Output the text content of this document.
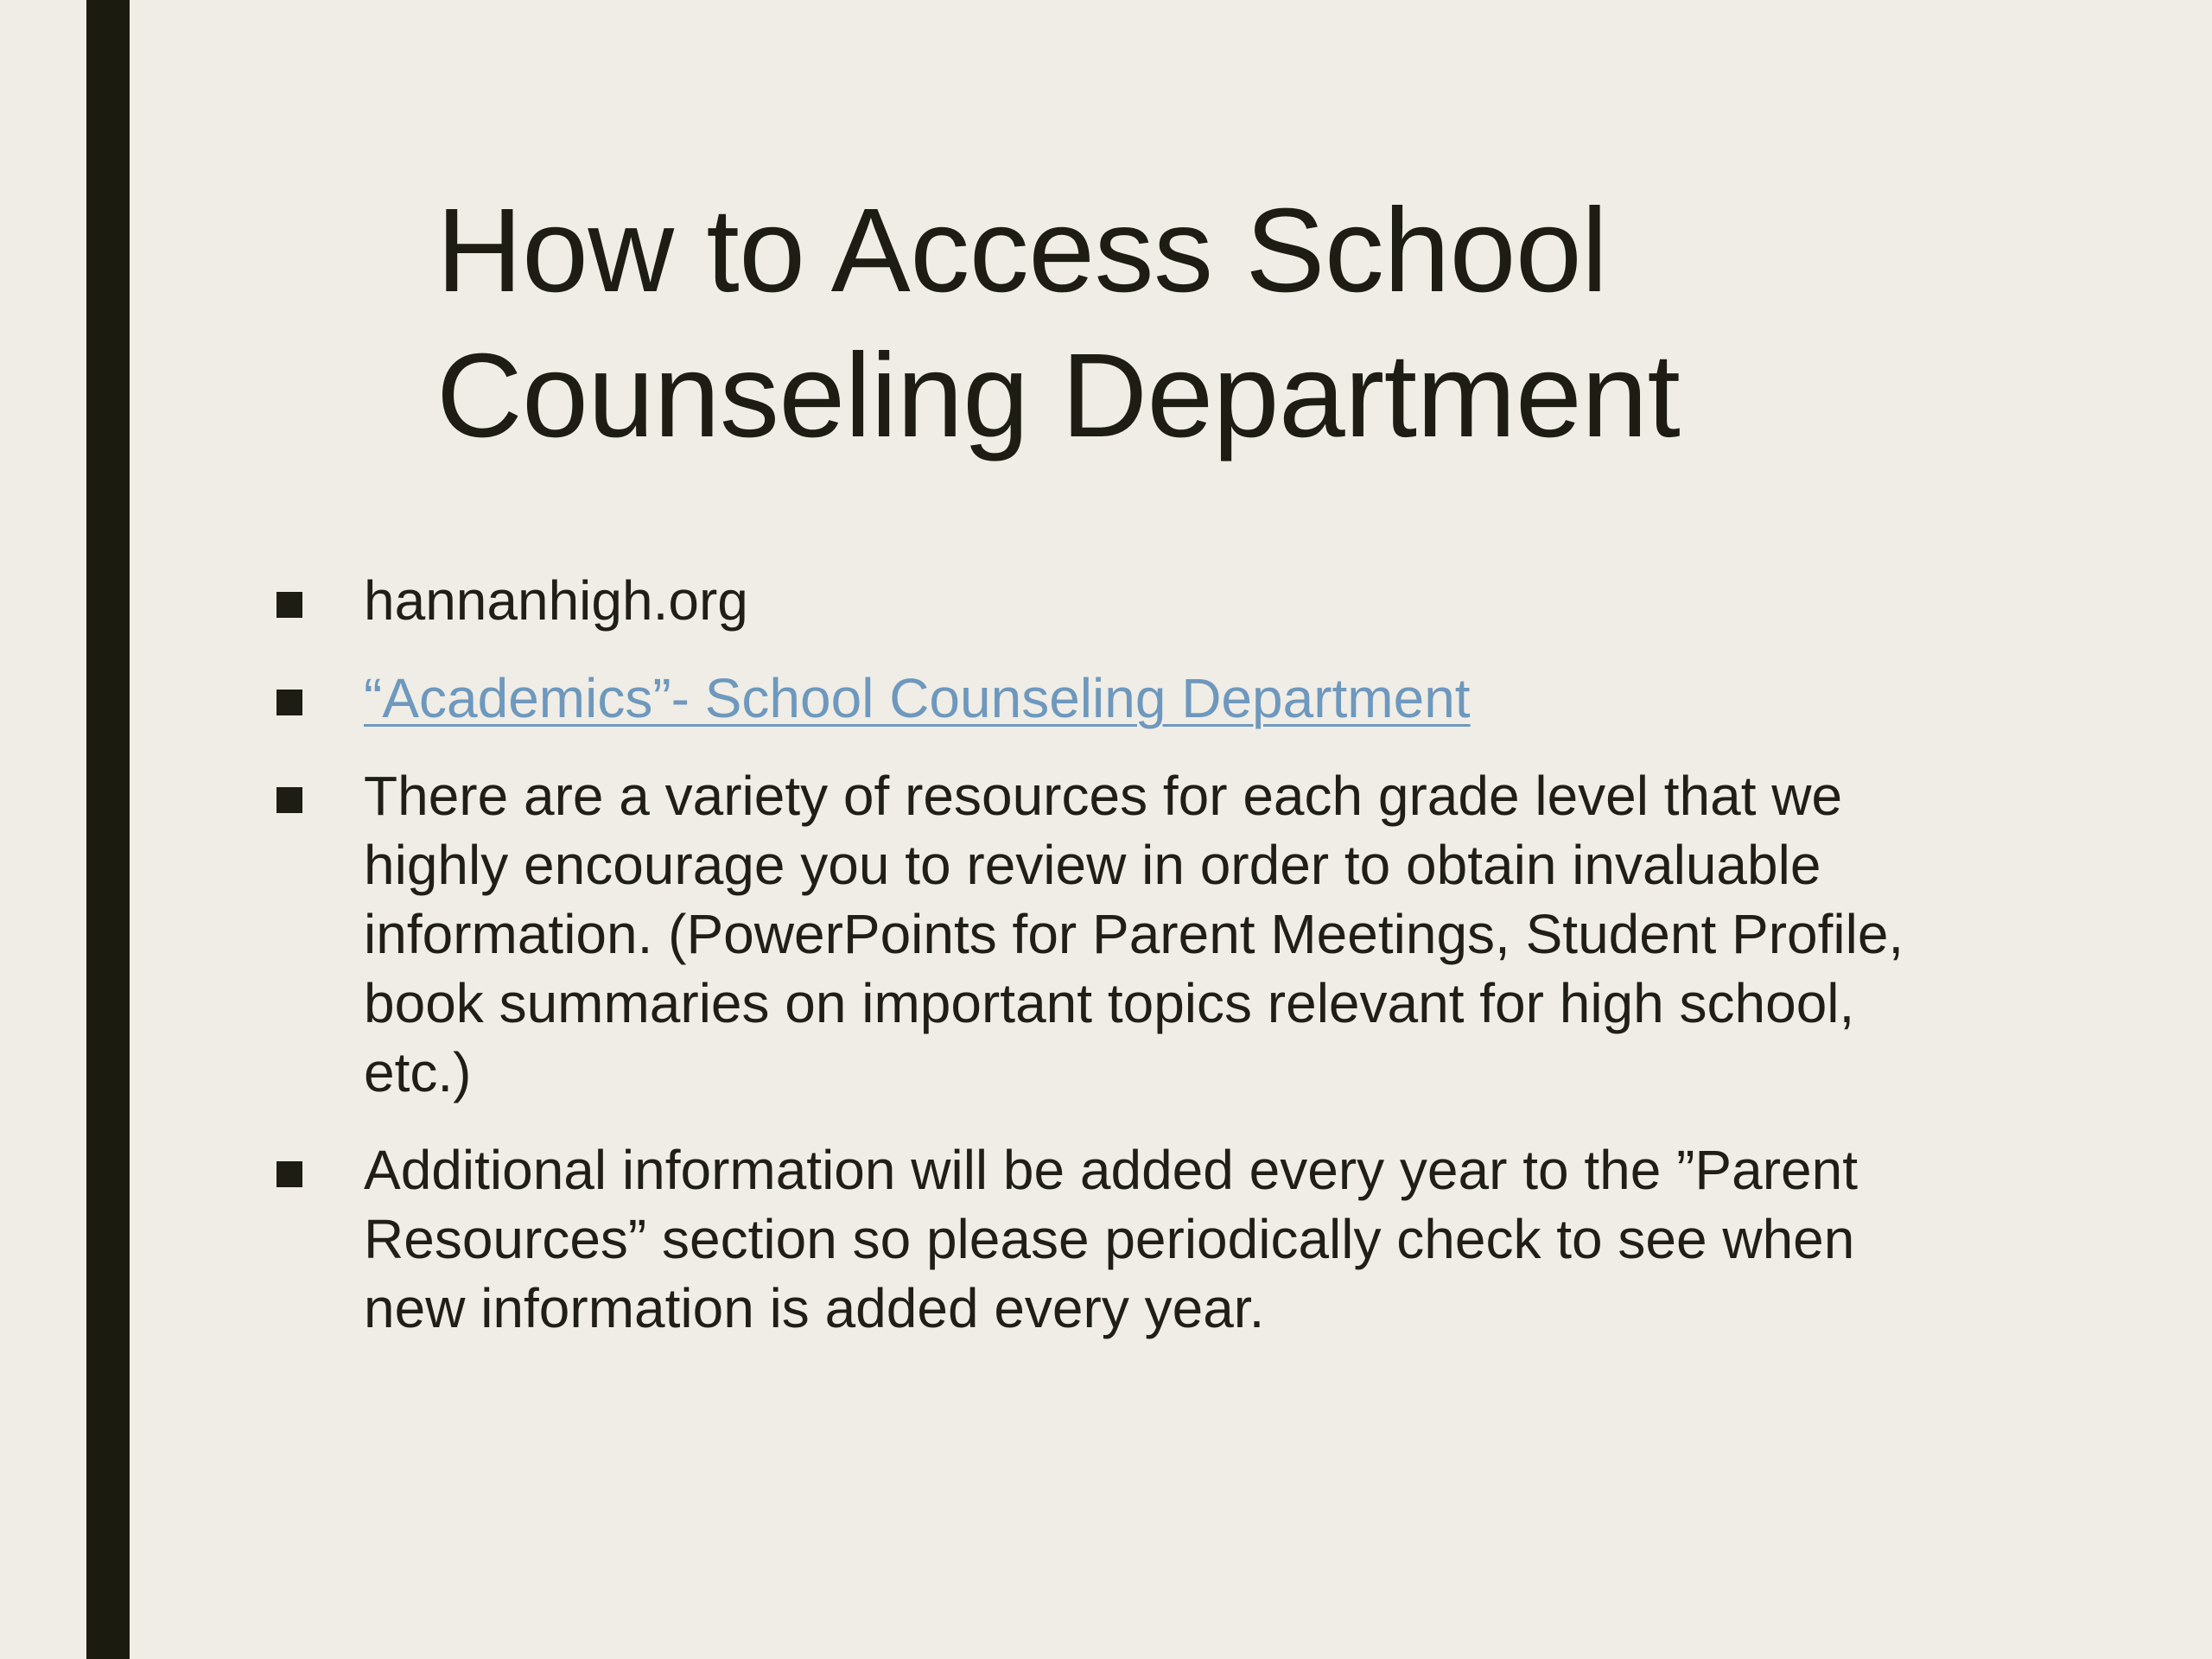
How to Access School Counseling Department
hannanhigh.org
“Academics”- School Counseling Department
There are a variety of resources for each grade level that we highly encourage you to review in order to obtain invaluable information. (PowerPoints for Parent Meetings, Student Profile, book summaries on important topics relevant for high school, etc.)
Additional information will be added every year to the ”Parent Resources” section so please periodically check to see when new information is added every year.
